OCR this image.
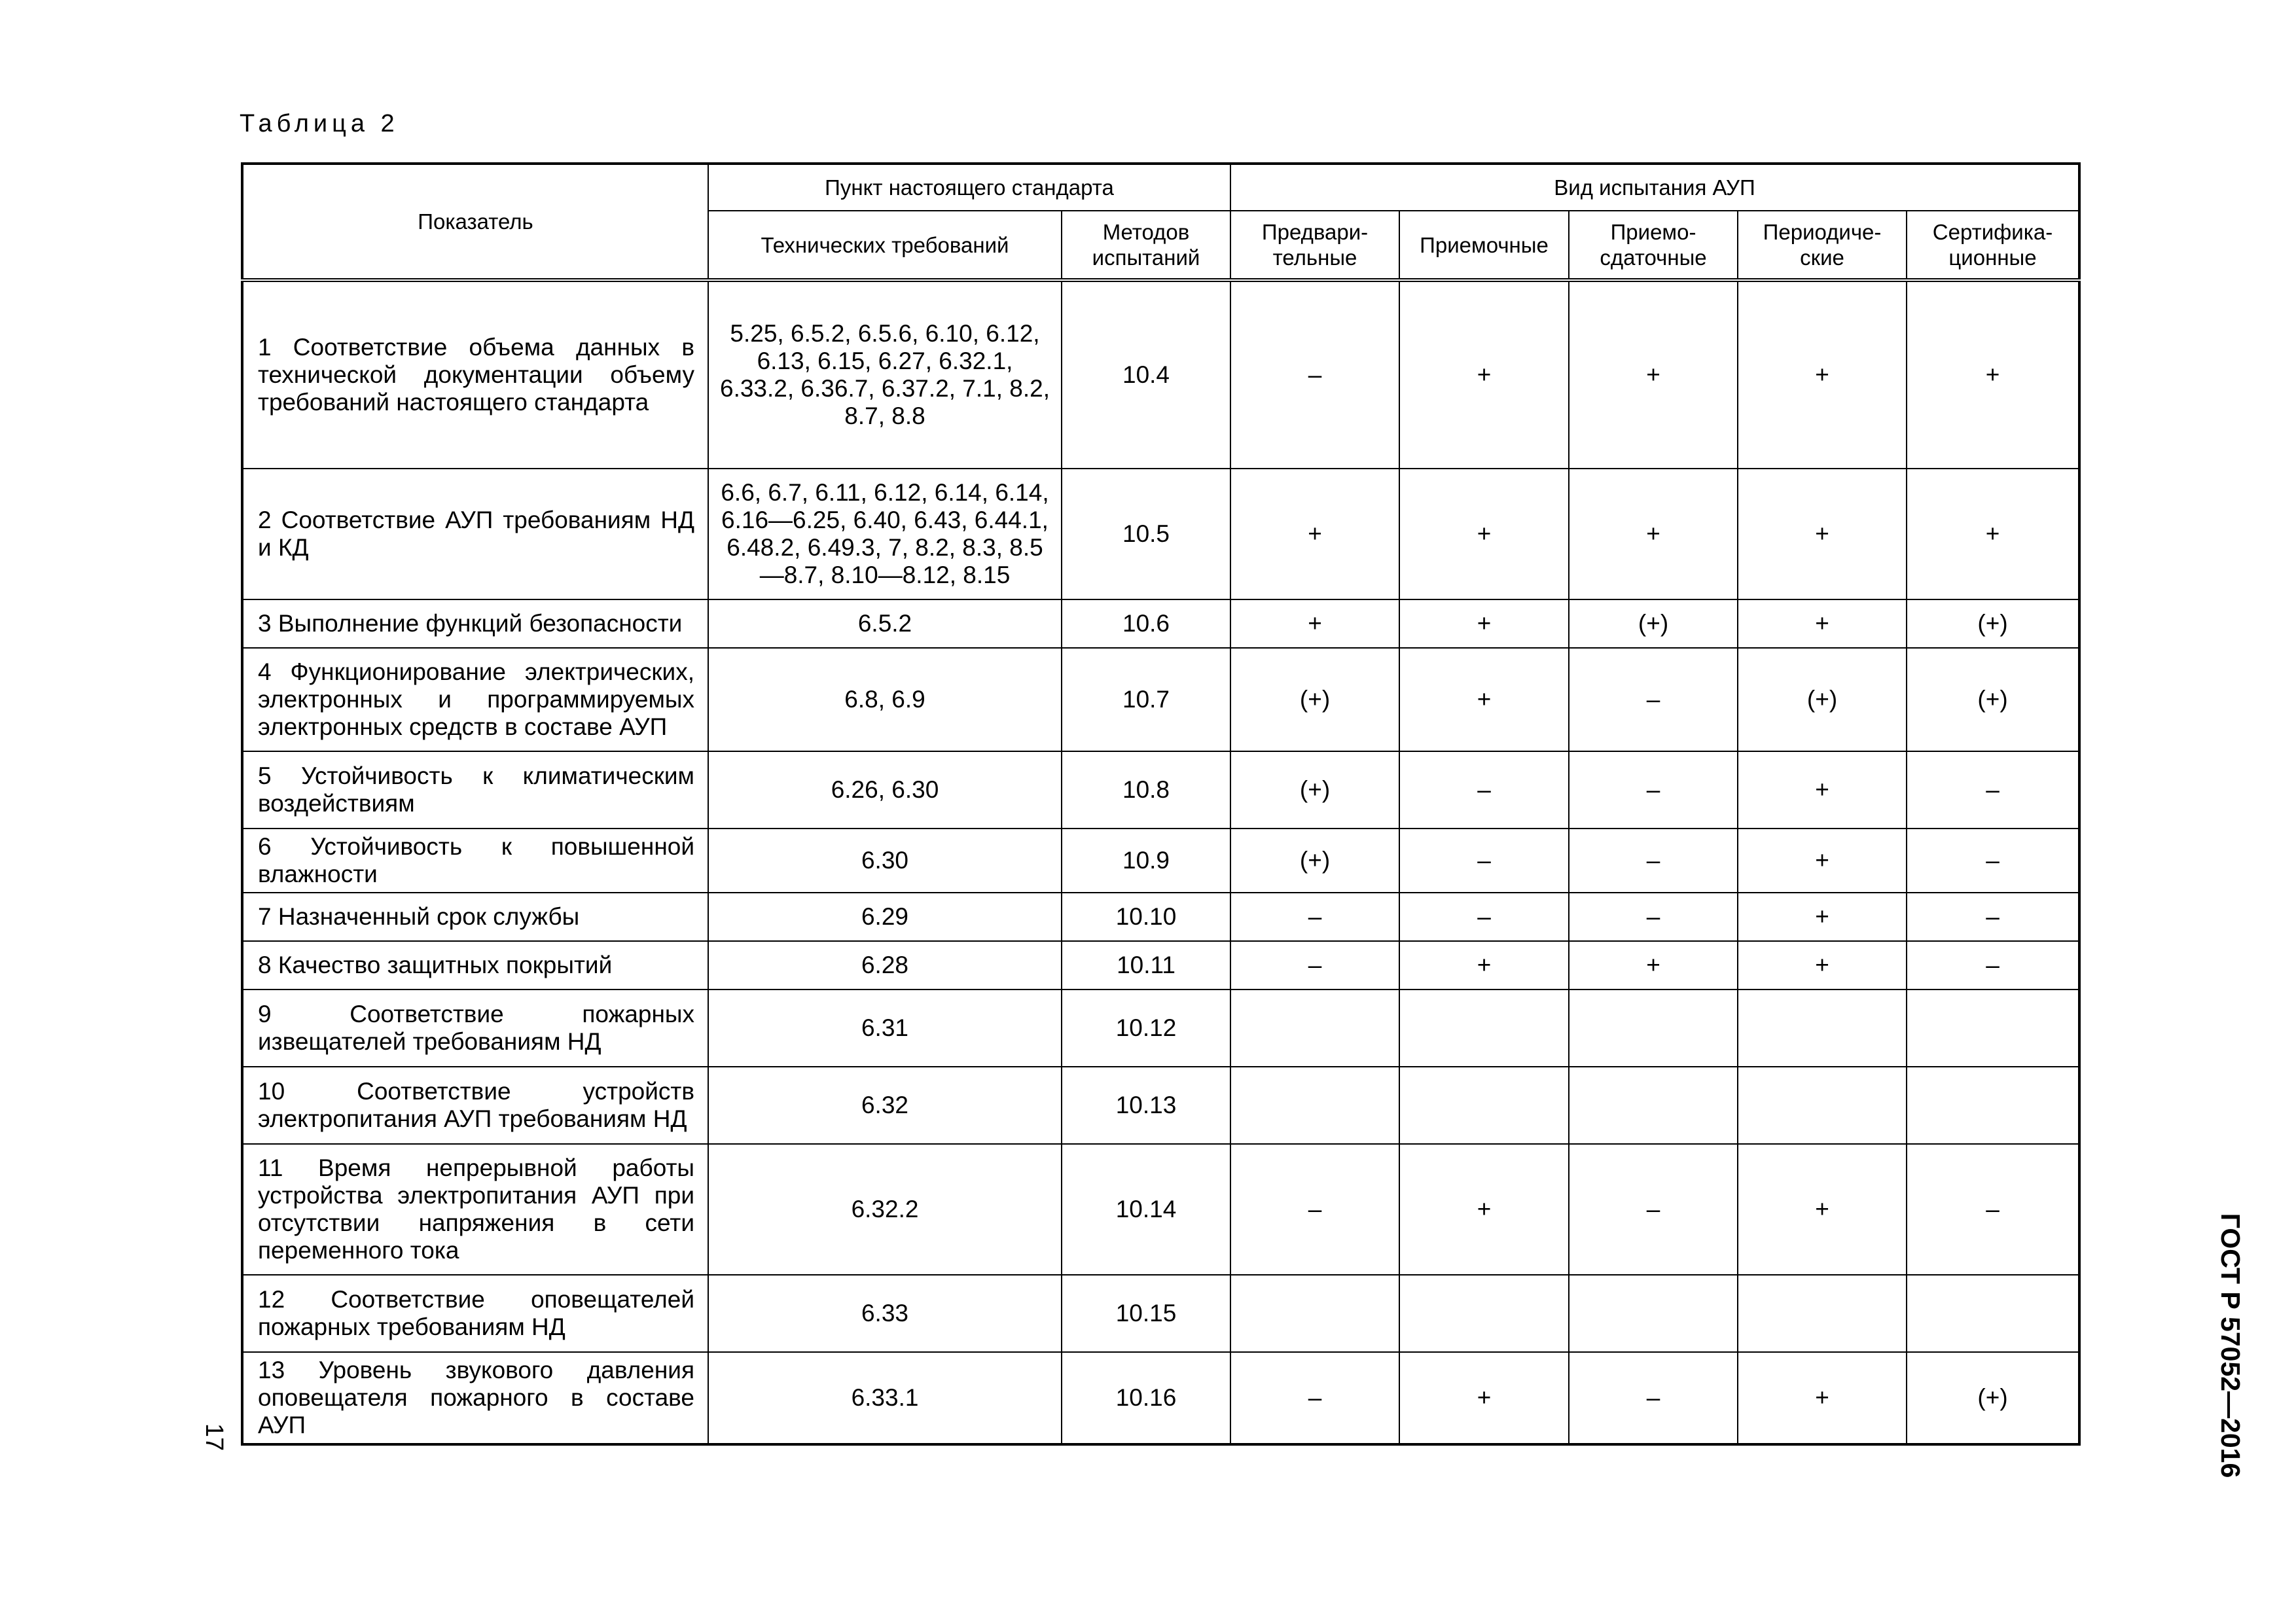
Таблица 2
Показатель	Пункт настоящего стандарта		Вид испытания АУП				
	Технических требований	Методов испытаний	Предвари-тельные	Приемочные	Приемо-сдаточные	Периодиче-ские	Сертифика-ционные
1 Соответствие объема данных в технической документации объему требований настоящего стандарта	5.25, 6.5.2, 6.5.6, 6.10, 6.12, 6.13, 6.15, 6.27, 6.32.1, 6.33.2, 6.36.7, 6.37.2, 7.1, 8.2, 8.7, 8.8	10.4	–	+	+	+	+
2 Соответствие АУП требованиям НД и КД	6.6, 6.7, 6.11, 6.12, 6.14, 6.14, 6.16—6.25, 6.40, 6.43, 6.44.1, 6.48.2, 6.49.3, 7, 8.2, 8.3, 8.5—8.7, 8.10—8.12, 8.15	10.5	+	+	+	+	+
3 Выполнение функций безопасности	6.5.2	10.6	+	+	(+)	+	(+)
4 Функционирование электрических, электронных и программируемых электронных средств в составе АУП	6.8, 6.9	10.7	(+)	+	–	(+)	(+)
5 Устойчивость к климатическим воздействиям	6.26, 6.30	10.8	(+)	–	–	+	–
6 Устойчивость к повышенной влажности	6.30	10.9	(+)	–	–	+	–
7 Назначенный срок службы	6.29	10.10	–	–	–	+	–
8 Качество защитных покрытий	6.28	10.11	–	+	+	+	–
9 Соответствие пожарных извещателей требованиям НД	6.31	10.12					
10 Соответствие устройств электропитания АУП требованиям НД	6.32	10.13					
11 Время непрерывной работы устройства электропитания АУП при отсутствии напряжения в сети переменного тока	6.32.2	10.14	–	+	–	+	–
12 Соответствие оповещателей пожарных требованиям НД	6.33	10.15					
13 Уровень звукового давления оповещателя пожарного в составе АУП	6.33.1	10.16	–	+	–	+	(+)	ГОСТ Р 57052—2016
17
